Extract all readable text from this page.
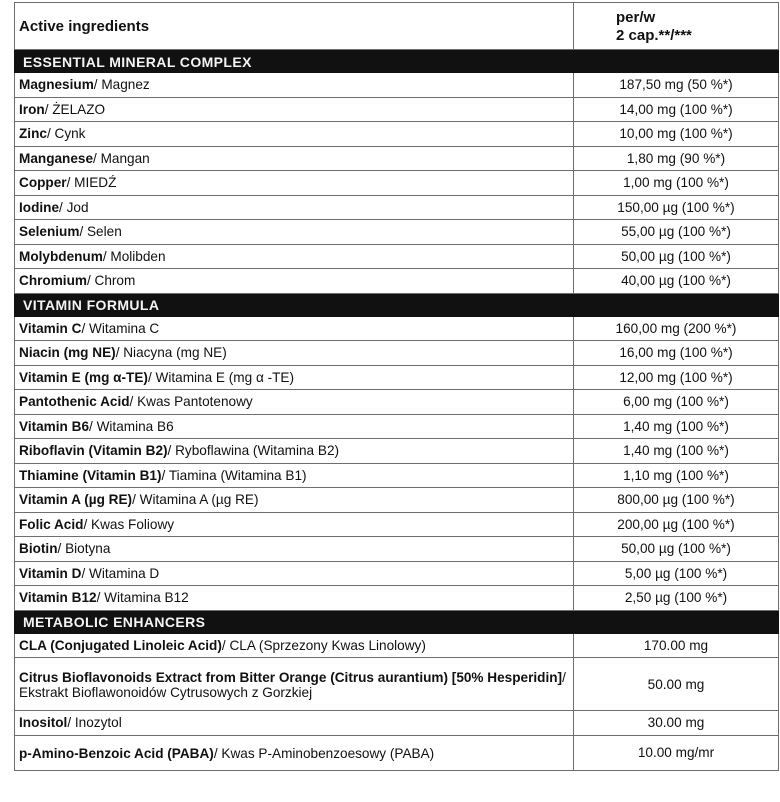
Active ingredients	per/w
2 cap.**/***

ESSENTIAL MINERAL COMPLEX	
Magnesium/ Magnez	187,50 mg (50 %*)
Iron/ ŻELAZO	14,00 mg (100 %*)
Zinc/ Cynk	10,00 mg (100 %*)
Manganese/ Mangan	1,80 mg (90 %*)
Copper/ MIEDŹ	1,00 mg (100 %*)
Iodine/ Jod	150,00 µg (100 %*)
Selenium/ Selen	55,00 µg (100 %*)
Molybdenum/ Molibden	50,00 µg (100 %*)
Chromium/ Chrom	40,00 µg (100 %*)
VITAMIN FORMULA	
Vitamin C/ Witamina C	160,00 mg (200 %*)
Niacin (mg NE)/ Niacyna (mg NE)	16,00 mg (100 %*)
Vitamin E (mg α-TE)/ Witamina E (mg α -TE)	12,00 mg (100 %*)
Pantothenic Acid/ Kwas Pantotenowy	6,00 mg (100 %*)
Vitamin B6/ Witamina B6	1,40 mg (100 %*)
Riboflavin (Vitamin B2)/ Ryboflawina (Witamina B2)	1,40 mg (100 %*)
Thiamine (Vitamin B1)/ Tiamina (Witamina B1)	1,10 mg (100 %*)
Vitamin A (µg RE)/ Witamina A (µg RE)	800,00 µg (100 %*)
Folic Acid/ Kwas Foliowy	200,00 µg (100 %*)
Biotin/ Biotyna	50,00 µg (100 %*)
Vitamin D/ Witamina D	5,00 µg (100 %*)
Vitamin B12/ Witamina B12	2,50 µg (100 %*)
METABOLIC ENHANCERS	
CLA (Conjugated Linoleic Acid)/ CLA (Sprzezony Kwas Linolowy)	170.00 mg
Citrus Bioflavonoids Extract from Bitter Orange (Citrus aurantium) [50% Hesperidin]/ Ekstrakt Bioflawonoidów Cytrusowych z Gorzkiej	50.00 mg
Inositol/ Inozytol	30.00 mg
p-Amino-Benzoic Acid (PABA)/ Kwas P-Aminobenzoesowy (PABA)	10.00 mg/mr
